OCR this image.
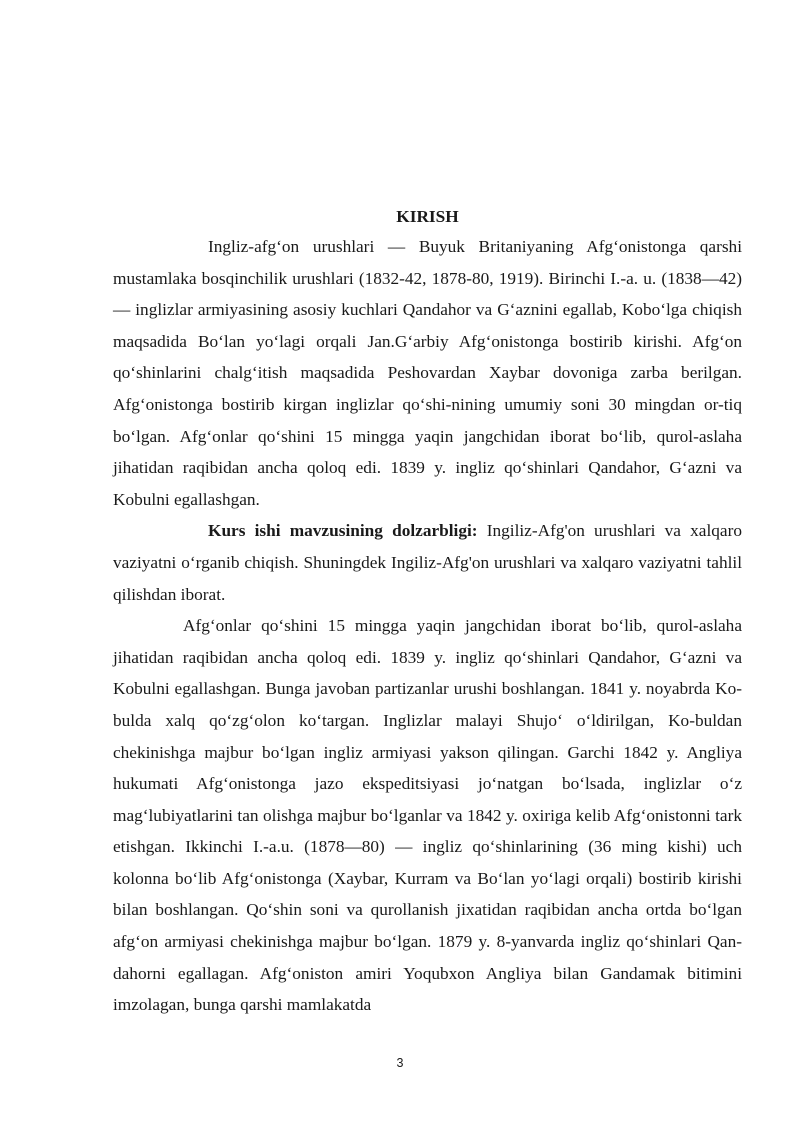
KIRISH

Ingliz-afg‘on urushlari — Buyuk Britaniyaning Afg‘onistonga qarshi mustamlaka bosqinchilik urushlari (1832-42, 1878-80, 1919). Birinchi I.-a. u. (1838—42) — inglizlar armiyasining asosiy kuchlari Qandahor va G‘aznini egallab, Kobo‘lga chiqish maqsadida Bo‘lan yo‘lagi orqali Jan.G‘arbiy Afg‘onistonga bostirib kirishi. Afg‘on qo‘shinlarini chalg‘itish maqsadida Peshovardan Xaybar dovoniga zarba berilgan. Afg‘onistonga bostirib kirgan inglizlar qo‘shi-nining umumiy soni 30 mingdan or-tiq bo‘lgan. Afg‘onlar qo‘shini 15 mingga yaqin jangchidan iborat bo‘lib, qurol-aslaha jihatidan raqibidan ancha qoloq edi. 1839 y. ingliz qo‘shinlari Qandahor, G‘azni va Kobulni egallashgan.

Kurs ishi mavzusining dolzarbligi: Ingiliz-Afg'on urushlari va xalqaro vaziyatni o‘rganib chiqish. Shuningdek Ingiliz-Afg'on urushlari va xalqaro vaziyatni tahlil qilishdan iborat.

Afg‘onlar qo‘shini 15 mingga yaqin jangchidan iborat bo‘lib, qurol-aslaha jihatidan raqibidan ancha qoloq edi. 1839 y. ingliz qo‘shinlari Qandahor, G‘azni va Kobulni egallashgan. Bunga javoban partizanlar urushi boshlangan. 1841 y. noyabrda Ko-bulda xalq qo‘zg‘olon ko‘targan. Inglizlar malayi Shujo‘ o‘ldirilgan, Ko-buldan chekinishga majbur bo‘lgan ingliz armiyasi yakson qilingan. Garchi 1842 y. Angliya hukumati Afg‘onistonga jazo ekspeditsiyasi jo‘natgan bo‘lsada, inglizlar o‘z mag‘lubiyatlarini tan olishga majbur bo‘lganlar va 1842 y. oxiriga kelib Afg‘onistonni tark etishgan. Ikkinchi I.-a.u. (1878—80) — ingliz qo‘shinlarining (36 ming kishi) uch kolonna bo‘lib Afg‘onistonga (Xaybar, Kurram va Bo‘lan yo‘lagi orqali) bostirib kirishi bilan boshlangan. Qo‘shin soni va qurollanish jixatidan raqibidan ancha ortda bo‘lgan afg‘on armiyasi chekinishga majbur bo‘lgan. 1879 y. 8-yanvarda ingliz qo‘shinlari Qan-dahorni egallagan. Afg‘oniston amiri Yoqubxon Angliya bilan Gandamak bitimini imzolagan, bunga qarshi mamlakatda

3
